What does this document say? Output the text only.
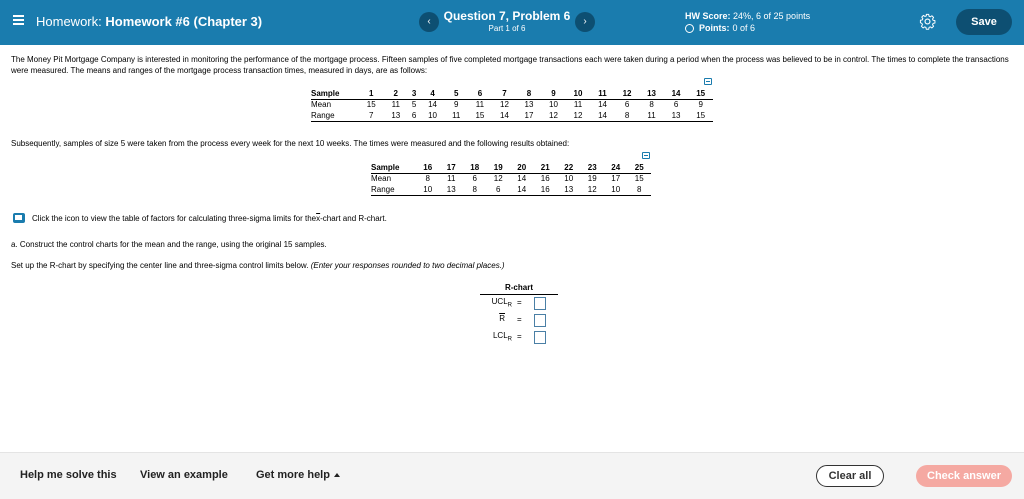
Homework: Homework #6 (Chapter 3)	‹	Question 7, Problem 6
Part 1 of 6
›	HW Score: 24%, 6 of 25 points
Points: 0 of 6	Save
The Money Pit Mortgage Company is interested in monitoring the performance of the mortgage process. Fifteen samples of five completed mortgage transactions each were taken during a period when the process was believed to be in control. The times to complete the transactions were measured. The means and ranges of the mortgage process transaction times, measured in days, are as follows:
Sample	1	2	3	4	5	6	7	8	9	10	11	12	13	14	15
Mean	15	11	5	14	9	11	12	13	10	11	14	6	8	6	9
Range	7	13	6	10	11	15	14	17	12	12	14	8	11	13	15
Subsequently, samples of size 5 were taken from the process every week for the next 10 weeks. The times were measured and the following results obtained:
Sample	16	17	18	19	20	21	22	23	24	25
Mean	8	11	6	12	14	16	10	19	17	15
Range	10	13	8	6	14	16	13	12	10	8
Click the icon to view the table of factors for calculating three-sigma limits for the $\overline{x}$ -chart and R-chart.
a. Construct the control charts for the mean and the range, using the original 15 samples.
Set up the R-chart by specifying the center line and three-sigma control limits below. (Enter your responses rounded to two decimal places.)
R-chart
$UCL_R$ =
$\overline{R}$ =
$LCL_R$ =
Help me solve this View an example	Get more help	Clear all	Check answer
